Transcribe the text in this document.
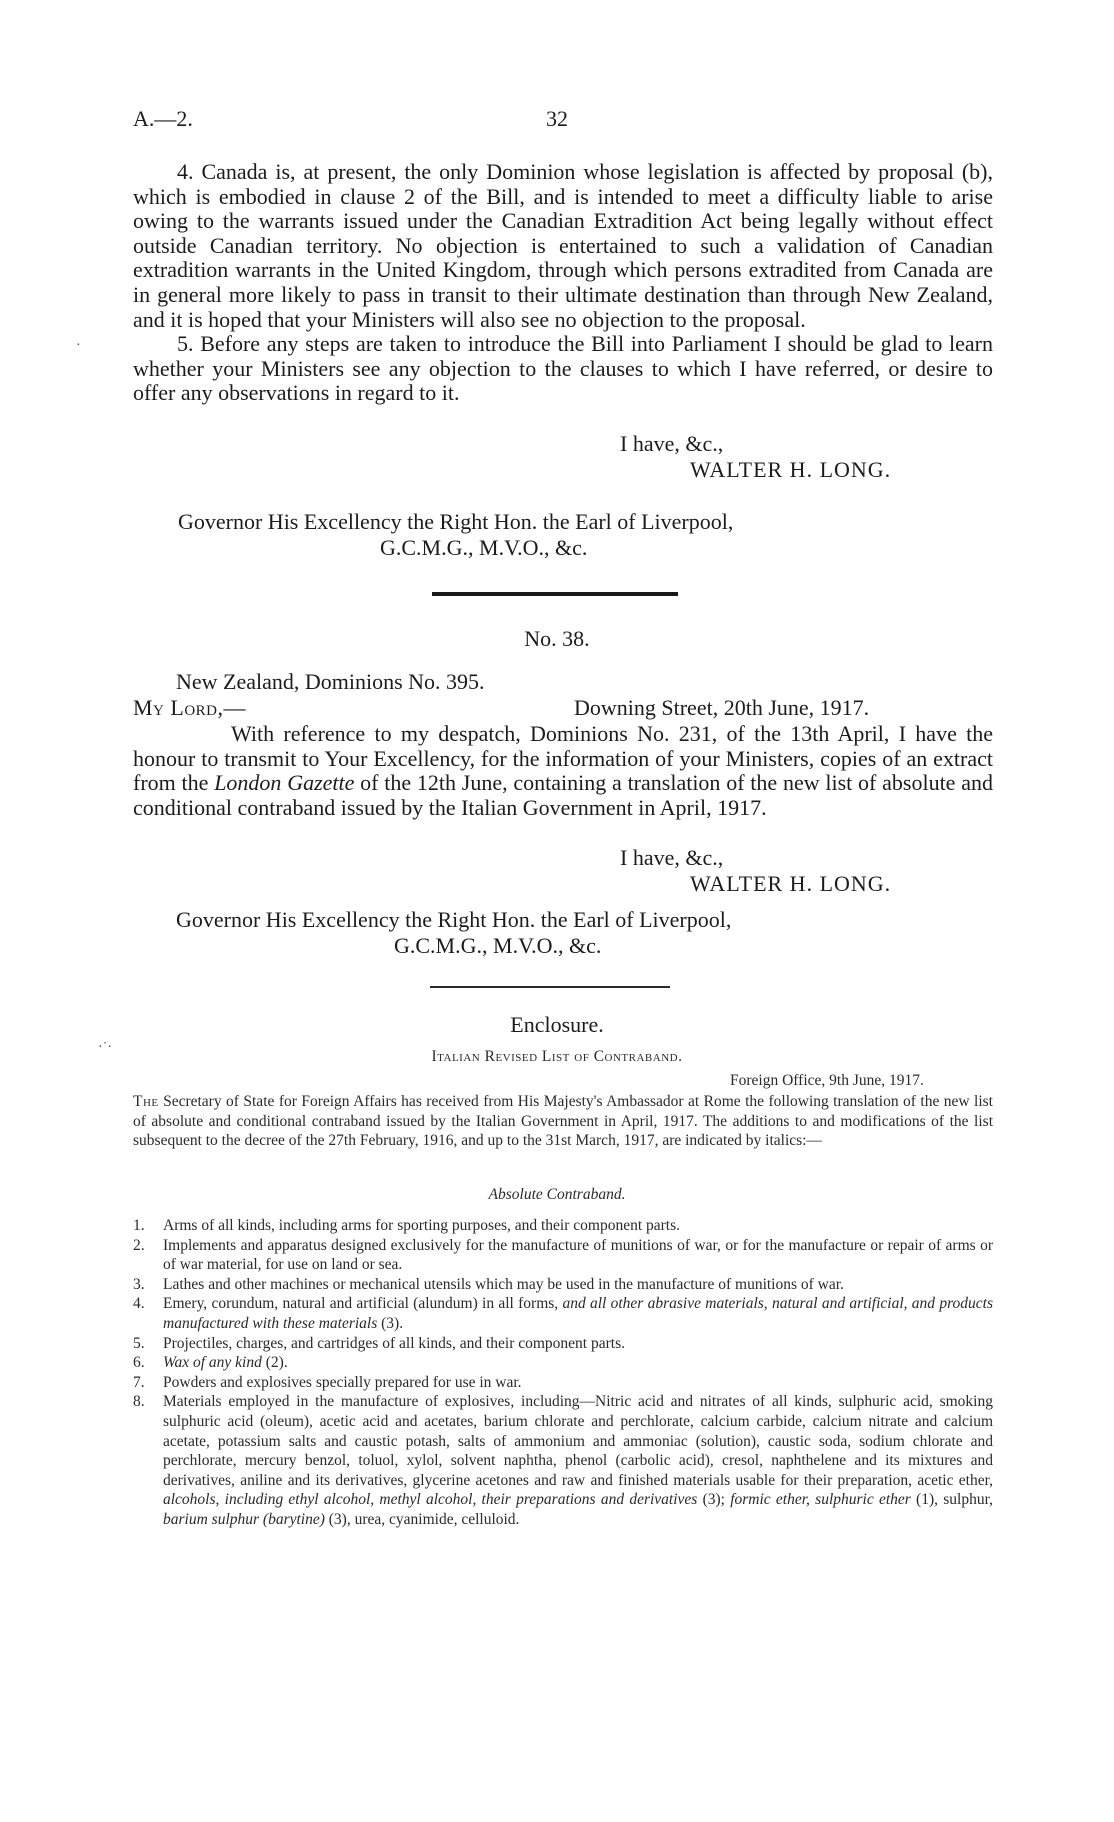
A.—2.	32

4. Canada is, at present, the only Dominion whose legislation is affected by proposal (b), which is embodied in clause 2 of the Bill, and is intended to meet a difficulty liable to arise owing to the warrants issued under the Canadian Extradition Act being legally without effect outside Canadian territory. No objection is entertained to such a validation of Canadian extradition warrants in the United Kingdom, through which persons extradited from Canada are in general more likely to pass in transit to their ultimate destination than through New Zealand, and it is hoped that your Ministers will also see no objection to the proposal.

5. Before any steps are taken to introduce the Bill into Parliament I should be glad to learn whether your Ministers see any objection to the clauses to which I have referred, or desire to offer any observations in regard to it.

I have, &c.,
WALTER H. LONG.
Governor His Excellency the Right Hon. the Earl of Liverpool,
G.C.M.G., M.V.O., &c.
No. 38.
New Zealand, Dominions No. 395.
My Lord,—	Downing Street, 20th June, 1917.

With reference to my despatch, Dominions No. 231, of the 13th April, I have the honour to transmit to Your Excellency, for the information of your Ministers, copies of an extract from the London Gazette of the 12th June, containing a translation of the new list of absolute and conditional contraband issued by the Italian Government in April, 1917.

I have, &c.,
WALTER H. LONG.
Governor His Excellency the Right Hon. the Earl of Liverpool,
G.C.M.G., M.V.O., &c.
Enclosure.
Italian Revised List of Contraband.
Foreign Office, 9th June, 1917.

The Secretary of State for Foreign Affairs has received from His Majesty's Ambassador at Rome the following translation of the new list of absolute and conditional contraband issued by the Italian Government in April, 1917. The additions to and modifications of the list subsequent to the decree of the 27th February, 1916, and up to the 31st March, 1917, are indicated by italics:—

Absolute Contraband.

1. Arms of all kinds, including arms for sporting purposes, and their component parts.

2. Implements and apparatus designed exclusively for the manufacture of munitions of war, or for the manufacture or repair of arms or of war material, for use on land or sea.

3. Lathes and other machines or mechanical utensils which may be used in the manufacture of munitions of war.

4. Emery, corundum, natural and artificial (alundum) in all forms, and all other abrasive materials, natural and artificial, and products manufactured with these materials (3).

5. Projectiles, charges, and cartridges of all kinds, and their component parts.

6. Wax of any kind (2).

7. Powders and explosives specially prepared for use in war.

8. Materials employed in the manufacture of explosives, including—Nitric acid and nitrates of all kinds, sulphuric acid, smoking sulphuric acid (oleum), acetic acid and acetates, barium chlorate and perchlorate, calcium carbide, calcium nitrate and calcium acetate, potassium salts and caustic potash, salts of ammonium and ammoniac (solution), caustic soda, sodium chlorate and perchlorate, mercury benzol, toluol, xylol, solvent naphtha, phenol (carbolic acid), cresol, naphthelene and its mixtures and derivatives, aniline and its derivatives, glycerine acetones and raw and finished materials usable for their preparation, acetic ether, alcohols, including ethyl alcohol, methyl alcohol, their preparations and derivatives (3); formic ether, sulphuric ether (1), sulphur, barium sulphur (barytine) (3), urea, cyanimide, celluloid.

·
·˙·
